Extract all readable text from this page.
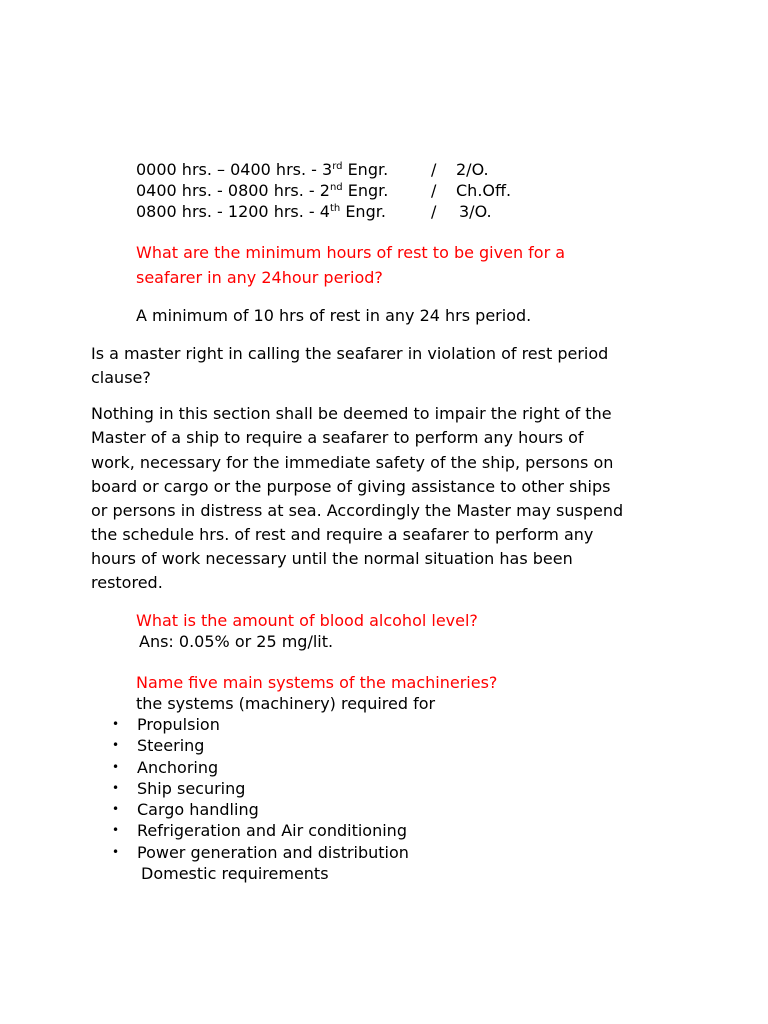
0000 hrs. – 0400 hrs. - 3rd Engr.	/ 2/O.
0400 hrs. - 0800 hrs. - 2nd Engr.	/ Ch.Off.
0800 hrs. - 1200 hrs. - 4th Engr.	/ 3/O.
What are the minimum hours of rest to be given for a
seafarer in any 24hour period?
A minimum of 10 hrs of rest in any 24 hrs period.
Is a master right in calling the seafarer in violation of rest period
clause?
Nothing in this section shall be deemed to impair the right of the
Master of a ship to require a seafarer to perform any hours of
work, necessary for the immediate safety of the ship, persons on
board or cargo or the purpose of giving assistance to other ships
or persons in distress at sea. Accordingly the Master may suspend
the schedule hrs. of rest and require a seafarer to perform any
hours of work necessary until the normal situation has been
restored.
What is the amount of blood alcohol level?
Ans: 0.05% or 25 mg/lit.
Name five main systems of the machineries?
the systems (machinery) required for
• Propulsion
• Steering
• Anchoring
• Ship securing
• Cargo handling
• Refrigeration and Air conditioning
• Power generation and distribution
Domestic requirements
